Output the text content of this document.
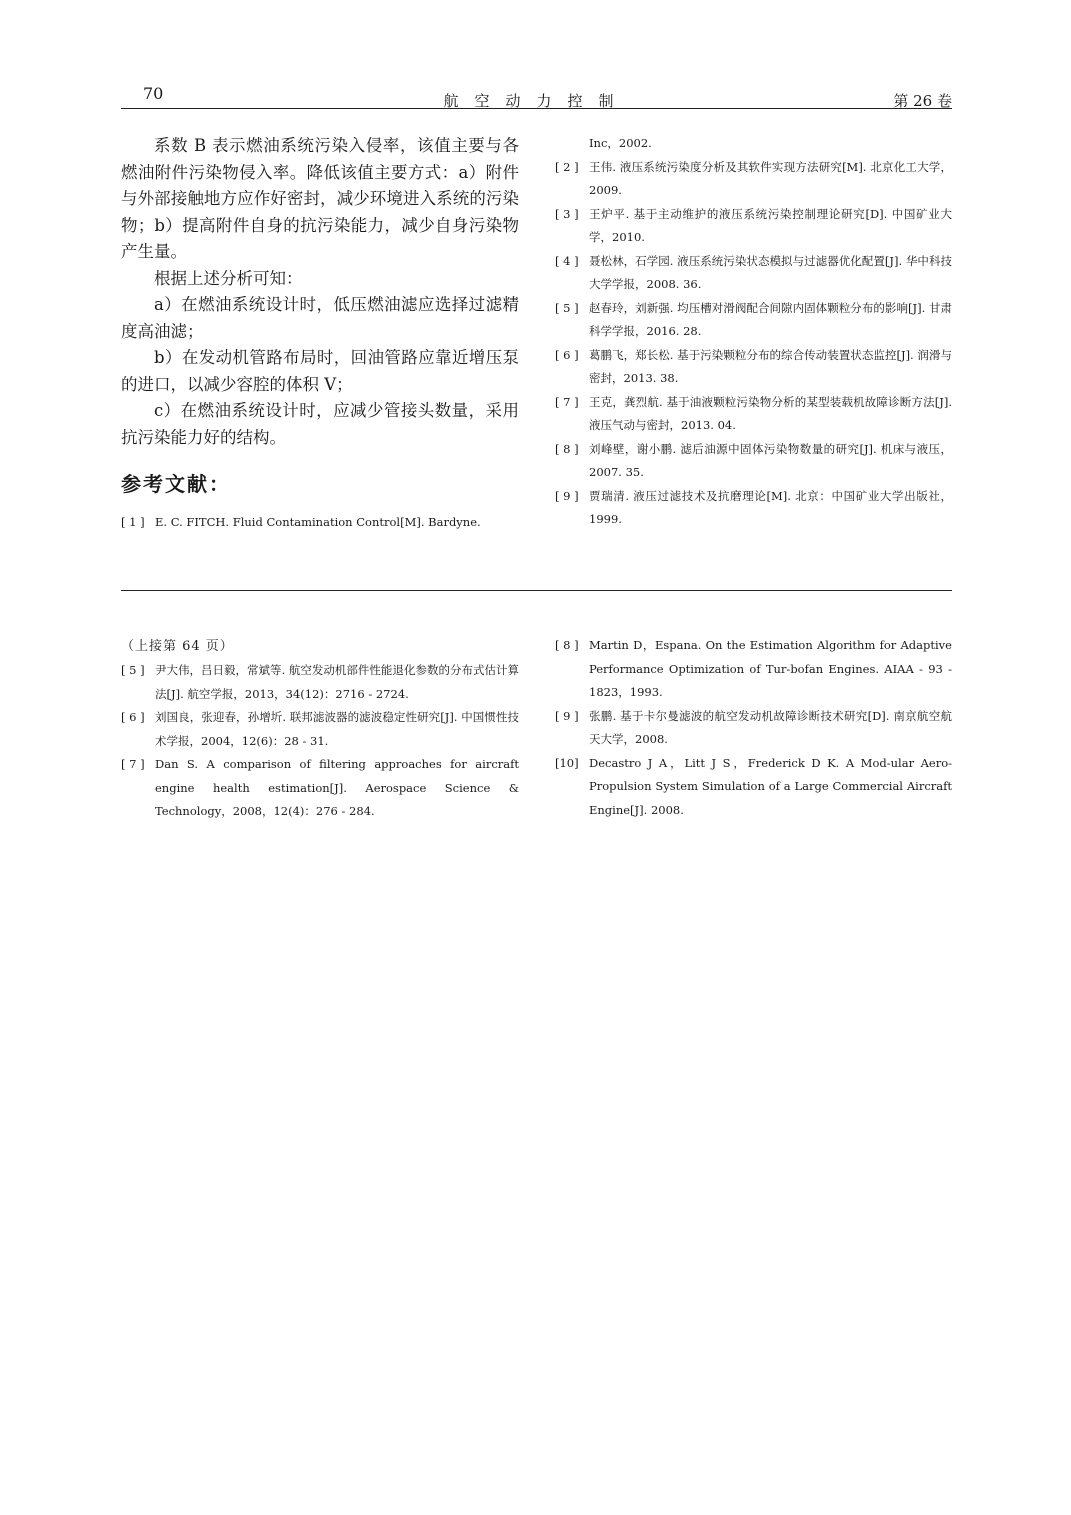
70	航空动力控制	第 26 卷

系数 B 表示燃油系统污染入侵率，该值主要与各燃油附件污染物侵入率。降低该值主要方式：a）附件与外部接触地方应作好密封，减少环境进入系统的污染物；b）提高附件自身的抗污染能力，减少自身污染物产生量。

根据上述分析可知：

a）在燃油系统设计时，低压燃油滤应选择过滤精度高油滤；

b）在发动机管路布局时，回油管路应靠近增压泵的进口，以减少容腔的体积 V；

c）在燃油系统设计时，应减少管接头数量，采用抗污染能力好的结构。

参考文献：

[ 1 ] E. C. FITCH. Fluid Contamination Control[M]. Bardyne.

Inc，2002.

[ 2 ] 王伟. 液压系统污染度分析及其软件实现方法研究[M]. 北京化工大学，2009.

[ 3 ] 王炉平. 基于主动维护的液压系统污染控制理论研究[D]. 中国矿业大学，2010.

[ 4 ] 聂松林，石学园. 液压系统污染状态模拟与过滤器优化配置[J]. 华中科技大学学报，2008. 36.

[ 5 ] 赵春玲，刘新强. 均压槽对滑阀配合间隙内固体颗粒分布的影响[J]. 甘肃科学学报，2016. 28.

[ 6 ] 葛鹏飞，郑长松. 基于污染颗粒分布的综合传动装置状态监控[J]. 润滑与密封，2013. 38.

[ 7 ] 王克，龚烈航. 基于油液颗粒污染物分析的某型装载机故障诊断方法[J]. 液压气动与密封，2013. 04.

[ 8 ] 刘峰壁，谢小鹏. 滤后油源中固体污染物数量的研究[J]. 机床与液压，2007. 35.

[ 9 ] 贾瑞清. 液压过滤技术及抗磨理论[M]. 北京：中国矿业大学出版社，1999.

（上接第 64 页）

[ 5 ] 尹大伟，吕日毅，常斌等. 航空发动机部件性能退化参数的分布式估计算法[J]. 航空学报，2013，34(12)：2716 - 2724.

[ 6 ] 刘国良，张迎春，孙增圻. 联邦滤波器的滤波稳定性研究[J]. 中国惯性技术学报，2004，12(6)：28 - 31.

[ 7 ] Dan S. A comparison of filtering approaches for aircraft engine health estimation[J]. Aerospace Science & Technology，2008，12(4)：276 - 284.

[ 8 ] Martin D，Espana. On the Estimation Algorithm for Adaptive Performance Optimization of Tur-bofan Engines. AIAA - 93 - 1823，1993.

[ 9 ] 张鹏. 基于卡尔曼滤波的航空发动机故障诊断技术研究[D]. 南京航空航天大学，2008.

[10] Decastro J A，Litt J S，Frederick D K. A Mod-ular Aero-Propulsion System Simulation of a Large Commercial Aircraft Engine[J]. 2008.
